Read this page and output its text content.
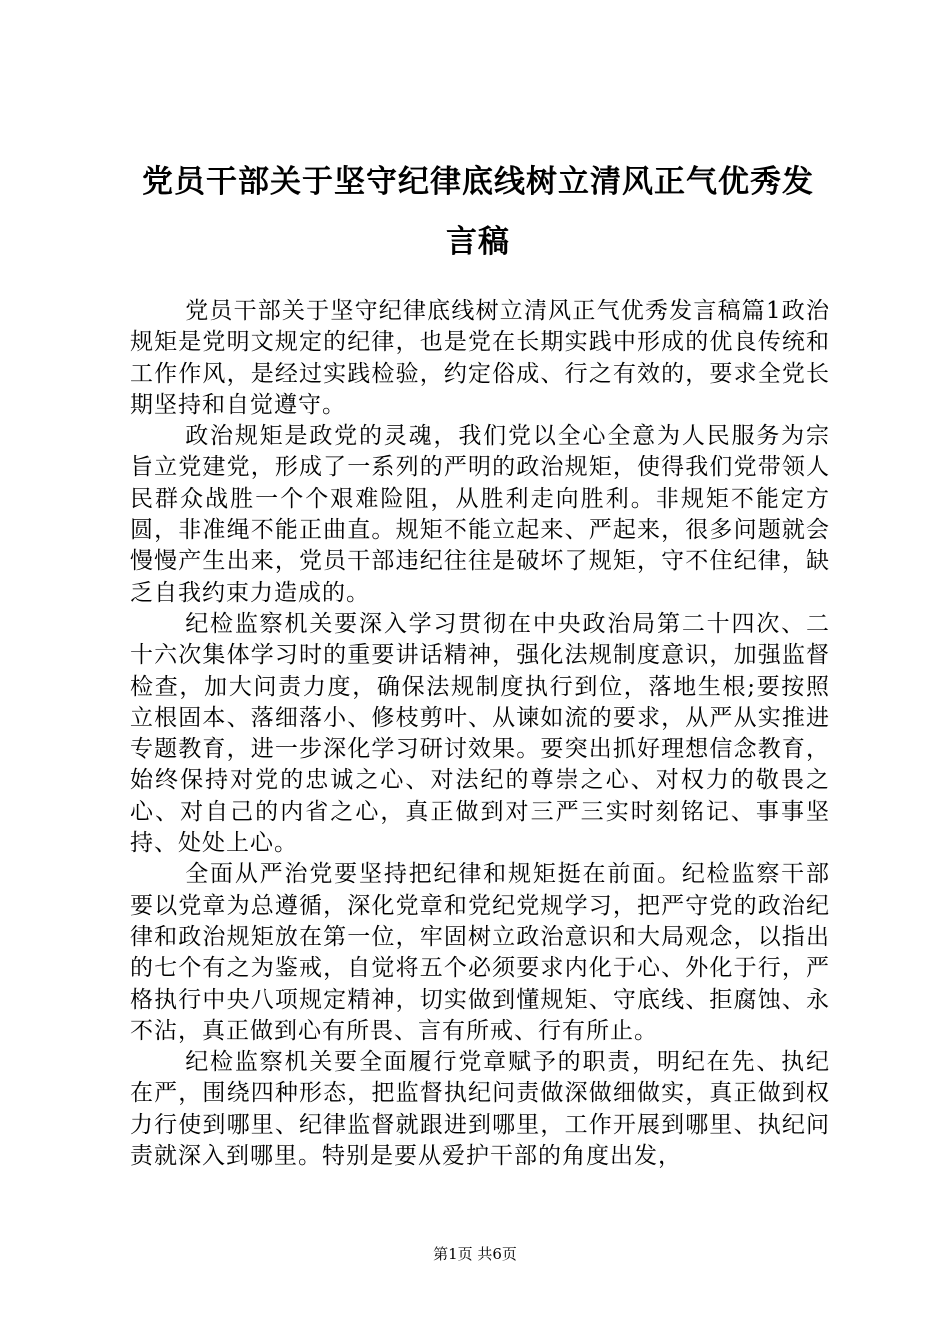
党员干部关于坚守纪律底线树立清风正气优秀发言稿

党员干部关于坚守纪律底线树立清风正气优秀发言稿篇1政治规矩是党明文规定的纪律，也是党在长期实践中形成的优良传统和工作作风，是经过实践检验，约定俗成、行之有效的，要求全党长期坚持和自觉遵守。

政治规矩是政党的灵魂，我们党以全心全意为人民服务为宗旨立党建党，形成了一系列的严明的政治规矩，使得我们党带领人民群众战胜一个个艰难险阻，从胜利走向胜利。非规矩不能定方圆，非准绳不能正曲直。规矩不能立起来、严起来，很多问题就会慢慢产生出来，党员干部违纪往往是破坏了规矩，守不住纪律，缺乏自我约束力造成的。

纪检监察机关要深入学习贯彻在中央政治局第二十四次、二十六次集体学习时的重要讲话精神，强化法规制度意识，加强监督检查，加大问责力度，确保法规制度执行到位，落地生根;要按照立根固本、落细落小、修枝剪叶、从谏如流的要求，从严从实推进专题教育，进一步深化学习研讨效果。要突出抓好理想信念教育，始终保持对党的忠诚之心、对法纪的尊崇之心、对权力的敬畏之心、对自己的内省之心，真正做到对三严三实时刻铭记、事事坚持、处处上心。

全面从严治党要坚持把纪律和规矩挺在前面。纪检监察干部要以党章为总遵循，深化党章和党纪党规学习，把严守党的政治纪律和政治规矩放在第一位，牢固树立政治意识和大局观念，以指出的七个有之为鉴戒，自觉将五个必须要求内化于心、外化于行，严格执行中央八项规定精神，切实做到懂规矩、守底线、拒腐蚀、永不沾，真正做到心有所畏、言有所戒、行有所止。

纪检监察机关要全面履行党章赋予的职责，明纪在先、执纪在严，围绕四种形态，把监督执纪问责做深做细做实，真正做到权力行使到哪里、纪律监督就跟进到哪里，工作开展到哪里、执纪问责就深入到哪里。特别是要从爱护干部的角度出发，

第1页 共6页
